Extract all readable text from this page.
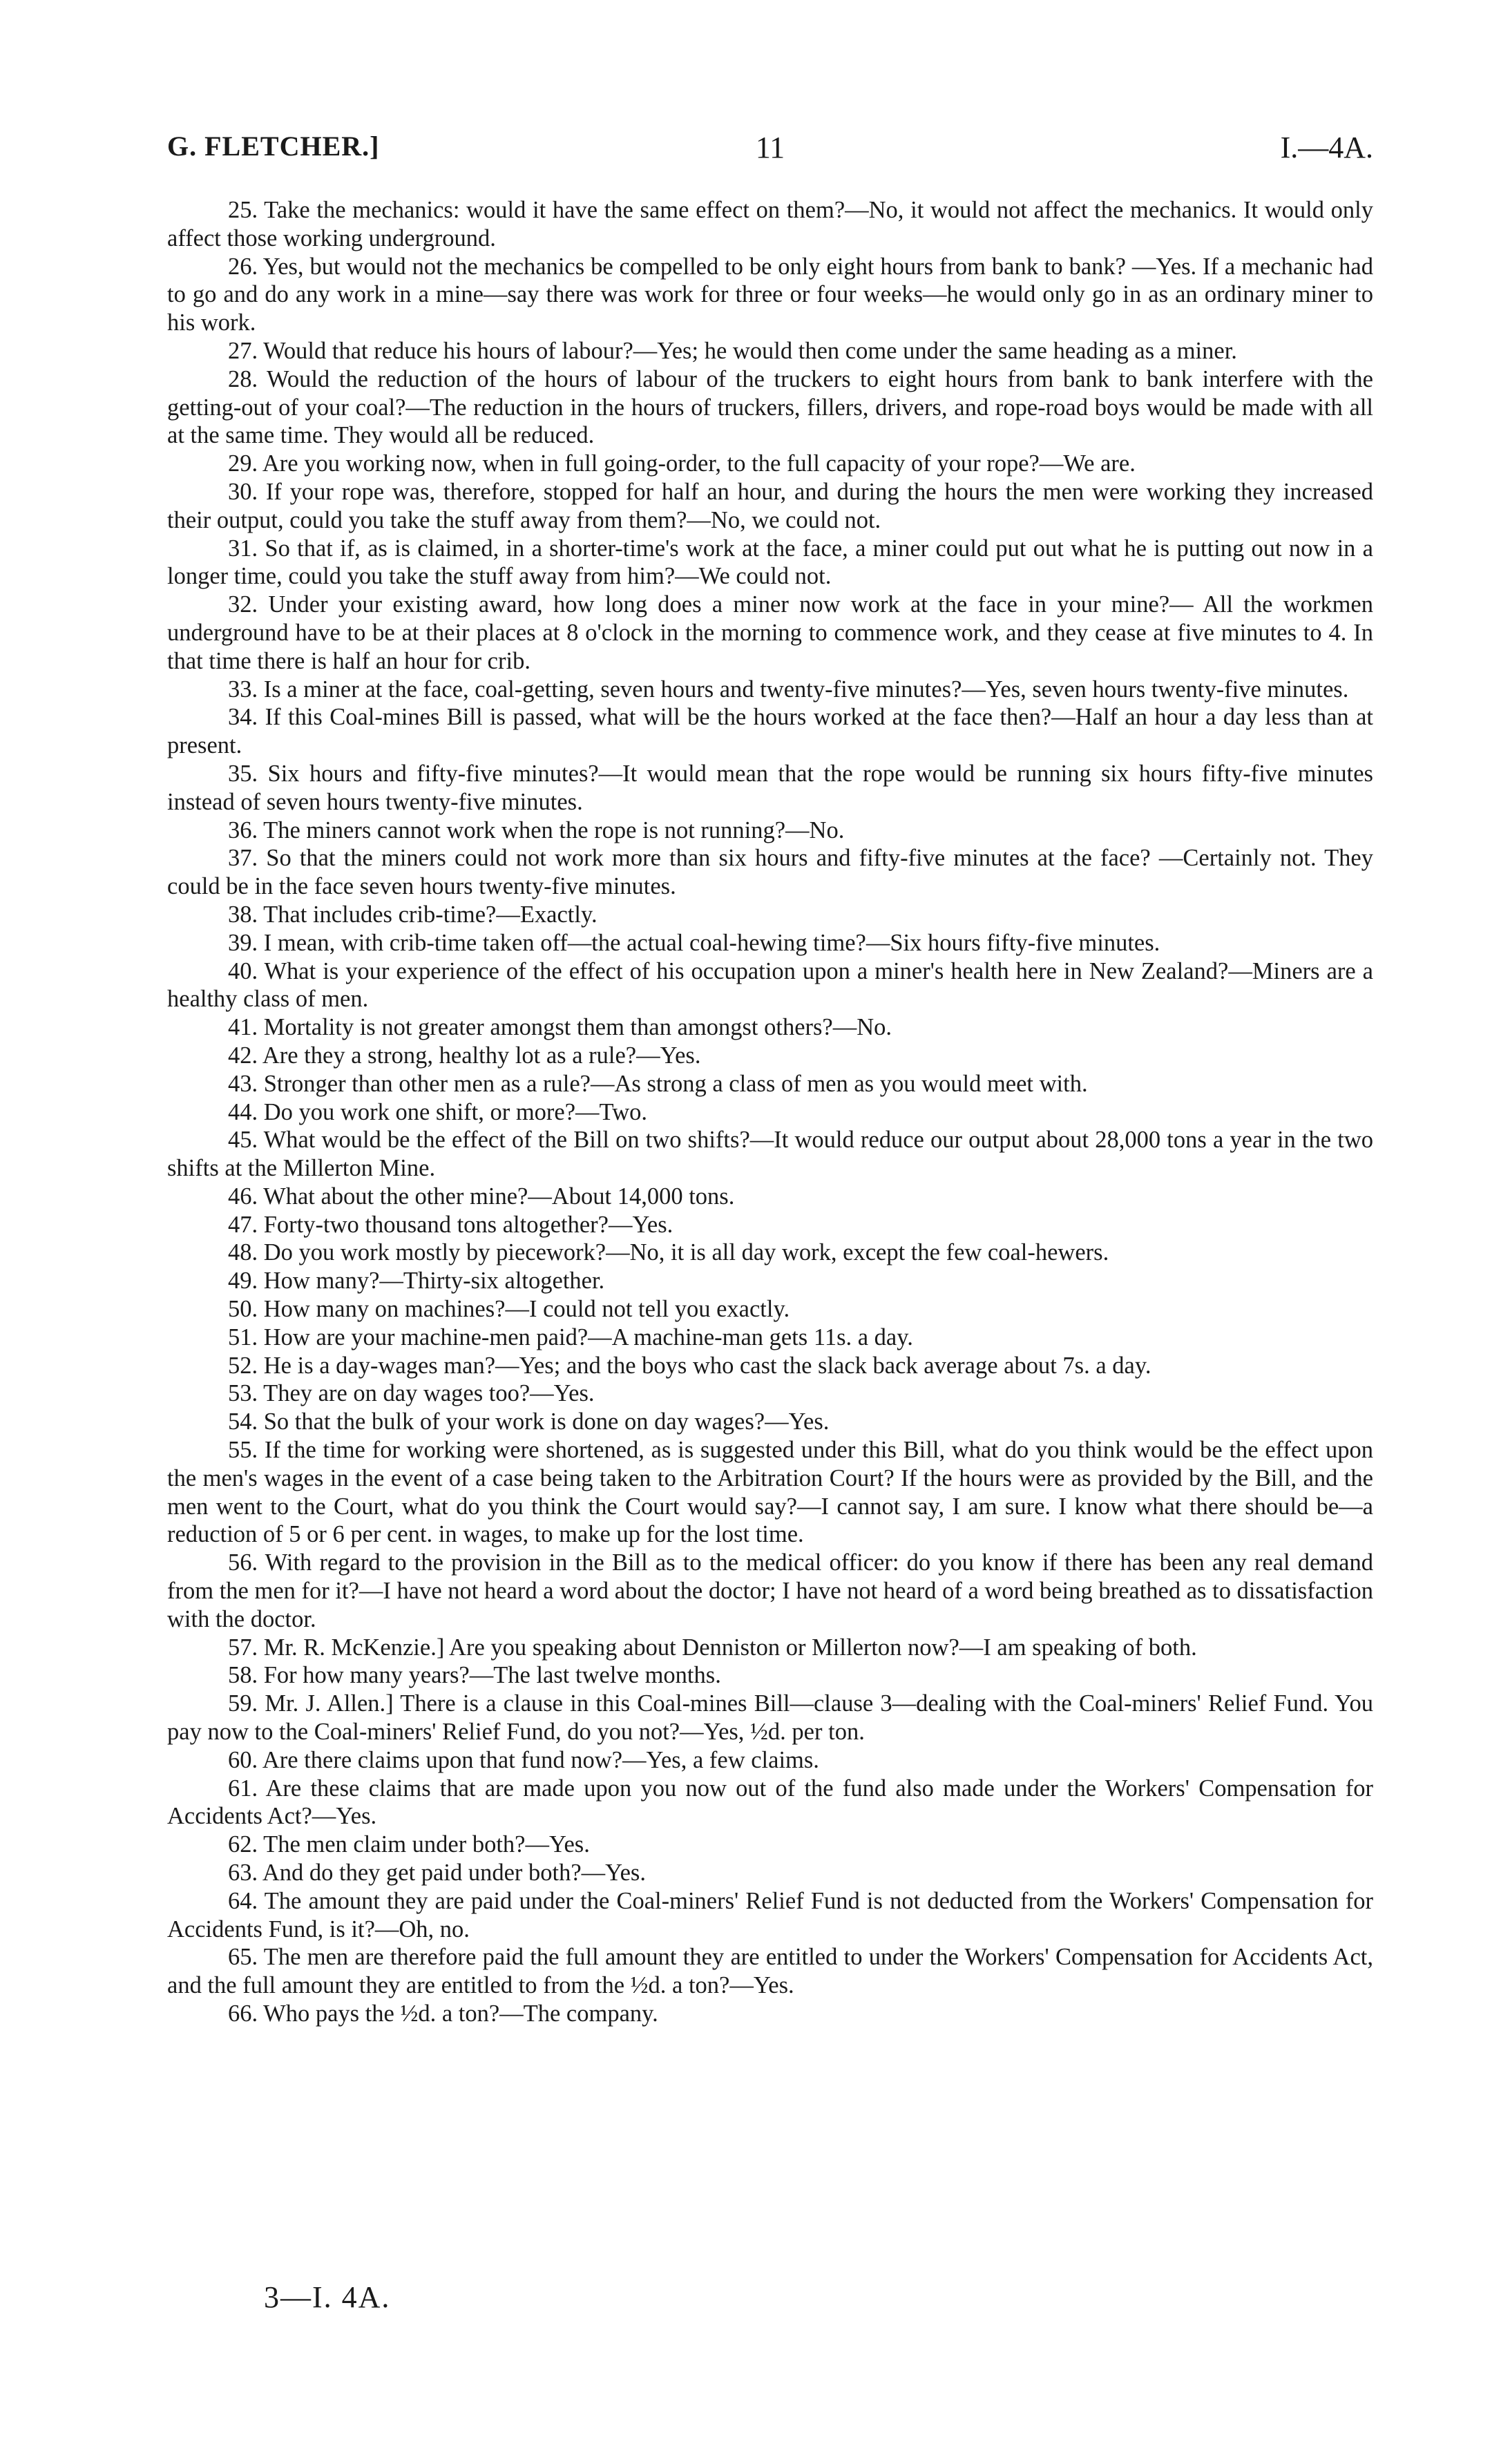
G. FLETCHER.]	11	I.—4A.

25. Take the mechanics: would it have the same effect on them?—No, it would not affect the mechanics. It would only affect those working underground.

26. Yes, but would not the mechanics be compelled to be only eight hours from bank to bank? —Yes. If a mechanic had to go and do any work in a mine—say there was work for three or four weeks—he would only go in as an ordinary miner to his work.

27. Would that reduce his hours of labour?—Yes; he would then come under the same heading as a miner.

28. Would the reduction of the hours of labour of the truckers to eight hours from bank to bank interfere with the getting-out of your coal?—The reduction in the hours of truckers, fillers, drivers, and rope-road boys would be made with all at the same time. They would all be reduced.

29. Are you working now, when in full going-order, to the full capacity of your rope?—We are.

30. If your rope was, therefore, stopped for half an hour, and during the hours the men were working they increased their output, could you take the stuff away from them?—No, we could not.

31. So that if, as is claimed, in a shorter-time's work at the face, a miner could put out what he is putting out now in a longer time, could you take the stuff away from him?—We could not.

32. Under your existing award, how long does a miner now work at the face in your mine?— All the workmen underground have to be at their places at 8 o'clock in the morning to commence work, and they cease at five minutes to 4. In that time there is half an hour for crib.

33. Is a miner at the face, coal-getting, seven hours and twenty-five minutes?—Yes, seven hours twenty-five minutes.

34. If this Coal-mines Bill is passed, what will be the hours worked at the face then?—Half an hour a day less than at present.

35. Six hours and fifty-five minutes?—It would mean that the rope would be running six hours fifty-five minutes instead of seven hours twenty-five minutes.

36. The miners cannot work when the rope is not running?—No.

37. So that the miners could not work more than six hours and fifty-five minutes at the face? —Certainly not. They could be in the face seven hours twenty-five minutes.

38. That includes crib-time?—Exactly.

39. I mean, with crib-time taken off—the actual coal-hewing time?—Six hours fifty-five minutes.

40. What is your experience of the effect of his occupation upon a miner's health here in New Zealand?—Miners are a healthy class of men.

41. Mortality is not greater amongst them than amongst others?—No.

42. Are they a strong, healthy lot as a rule?—Yes.

43. Stronger than other men as a rule?—As strong a class of men as you would meet with.

44. Do you work one shift, or more?—Two.

45. What would be the effect of the Bill on two shifts?—It would reduce our output about 28,000 tons a year in the two shifts at the Millerton Mine.

46. What about the other mine?—About 14,000 tons.

47. Forty-two thousand tons altogether?—Yes.

48. Do you work mostly by piecework?—No, it is all day work, except the few coal-hewers.

49. How many?—Thirty-six altogether.

50. How many on machines?—I could not tell you exactly.

51. How are your machine-men paid?—A machine-man gets 11s. a day.

52. He is a day-wages man?—Yes; and the boys who cast the slack back average about 7s. a day.

53. They are on day wages too?—Yes.

54. So that the bulk of your work is done on day wages?—Yes.

55. If the time for working were shortened, as is suggested under this Bill, what do you think would be the effect upon the men's wages in the event of a case being taken to the Arbitration Court? If the hours were as provided by the Bill, and the men went to the Court, what do you think the Court would say?—I cannot say, I am sure. I know what there should be—a reduction of 5 or 6 per cent. in wages, to make up for the lost time.

56. With regard to the provision in the Bill as to the medical officer: do you know if there has been any real demand from the men for it?—I have not heard a word about the doctor; I have not heard of a word being breathed as to dissatisfaction with the doctor.

57. Mr. R. McKenzie.] Are you speaking about Denniston or Millerton now?—I am speaking of both.

58. For how many years?—The last twelve months.

59. Mr. J. Allen.] There is a clause in this Coal-mines Bill—clause 3—dealing with the Coal-miners' Relief Fund. You pay now to the Coal-miners' Relief Fund, do you not?—Yes, ½d. per ton.

60. Are there claims upon that fund now?—Yes, a few claims.

61. Are these claims that are made upon you now out of the fund also made under the Workers' Compensation for Accidents Act?—Yes.

62. The men claim under both?—Yes.

63. And do they get paid under both?—Yes.

64. The amount they are paid under the Coal-miners' Relief Fund is not deducted from the Workers' Compensation for Accidents Fund, is it?—Oh, no.

65. The men are therefore paid the full amount they are entitled to under the Workers' Compensation for Accidents Act, and the full amount they are entitled to from the ½d. a ton?—Yes.

66. Who pays the ½d. a ton?—The company.

3—I. 4A.
